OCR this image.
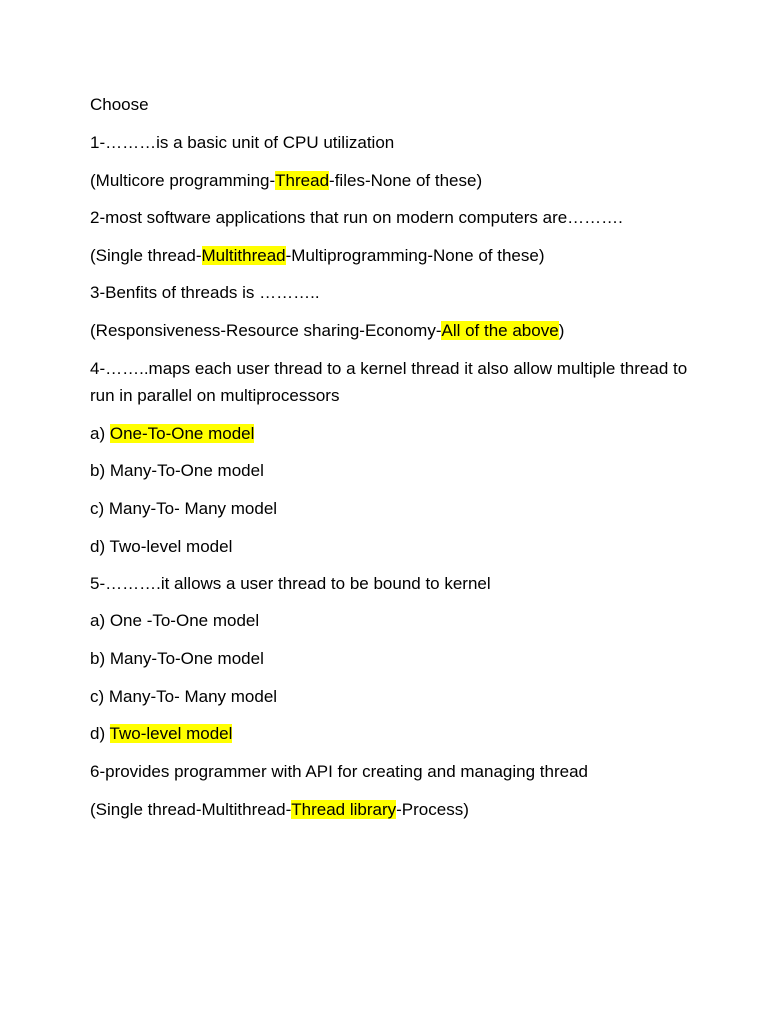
Choose

1-………is a basic unit of CPU utilization

(Multicore programming-Thread-files-None of these)

2-most software applications that run on modern computers are……….

(Single thread-Multithread-Multiprogramming-None of these)

3-Benfits of threads is ………..

(Responsiveness-Resource sharing-Economy-All of the above)

4-……..maps each user thread to a kernel thread it also allow multiple thread to run in parallel on multiprocessors

a) One-To-One model

b) Many-To-One model

c) Many-To- Many model

d) Two-level model

5-……….it allows a user thread to be bound to kernel

a) One -To-One model

b) Many-To-One model

c) Many-To- Many model

d) Two-level model

6-provides programmer with API for creating and managing thread

(Single thread-Multithread-Thread library-Process)
